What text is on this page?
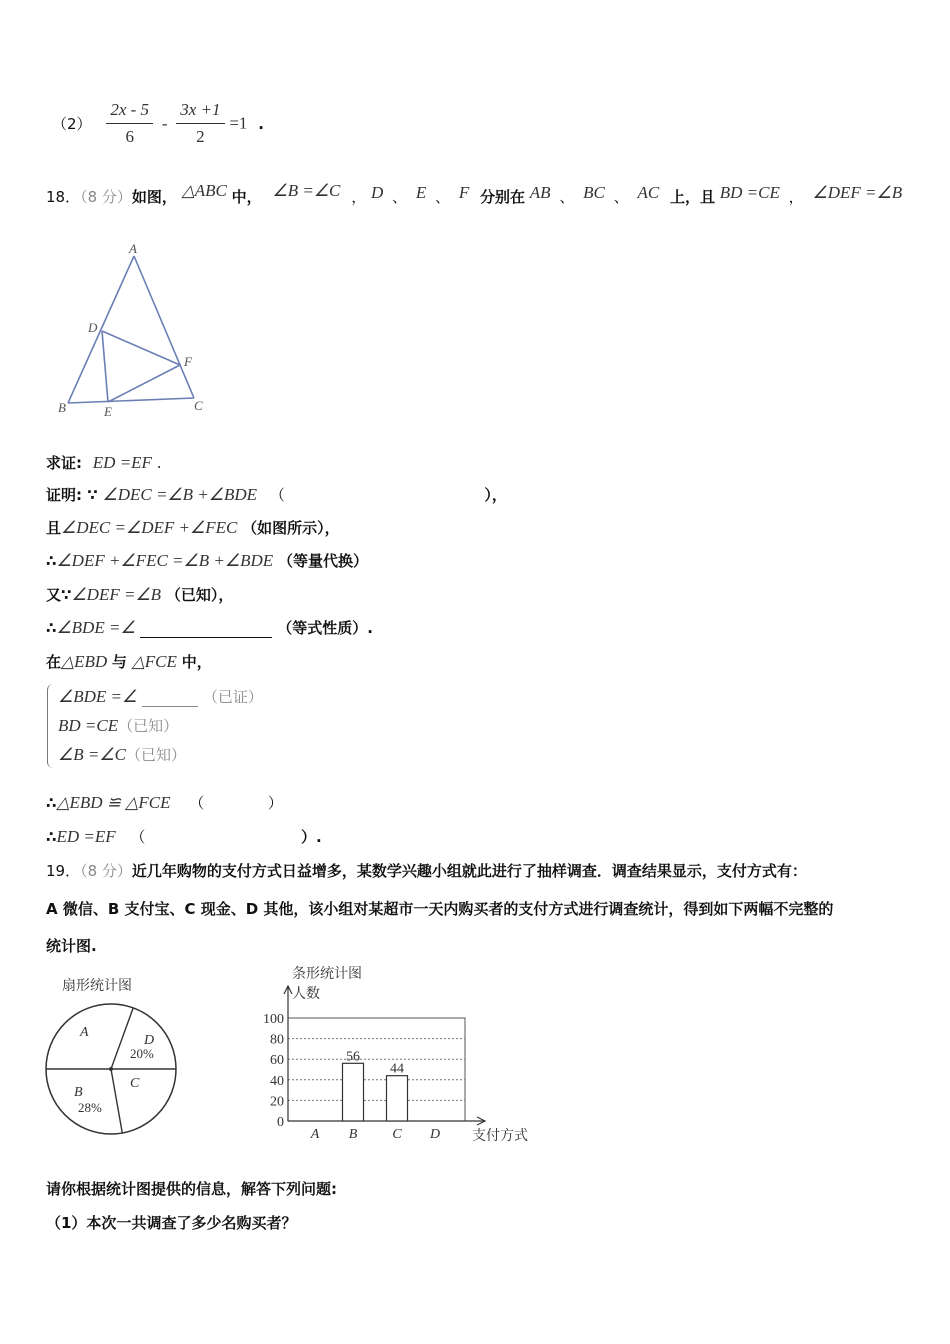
$(2) \frac{2x - 5}{6} - \frac{3x +1}{2} =1$ .
18．（8 分）如图， △ABC 中， ∠B =∠C ， D 、 E 、 F 分别在 AB 、 BC 、 AC 上，且 BD =CE ， ∠DEF =∠B
A
B	C
D
E
F
求证: ED =EF .
证明: ∵ ∠DEC =∠B +∠BDE （	），
且∠DEC =∠DEF +∠FEC （如图所示），
∴∠DEF +∠FEC =∠B +∠BDE （等量代换）
又∵∠DEF =∠B （已知），
∴∠BDE =∠	（等式性质）.
在△EBD 与 △FCE 中，
∠BDE =∠	（已证）
BD =CE（已知）
∠B =∠C（已知）
∴△EBD ≌ △FCE （	）
∴ED =EF （	）.
19．（8 分）近几年购物的支付方式日益增多，某数学兴趣小组就此进行了抽样调查．调查结果显示，支付方式有：
A 微信、B 支付宝、C 现金、D 其他，该小组对某超市一天内购买者的支付方式进行调查统计，得到如下两幅不完整的
统计图.
扇形统计图
A
D
C
B
20%
28%
条形统计图
人数
支付方式
0
20
40
60
80
100
A B
56
C
44
D
请你根据统计图提供的信息，解答下列问题:
（1）本次一共调查了多少名购买者？
